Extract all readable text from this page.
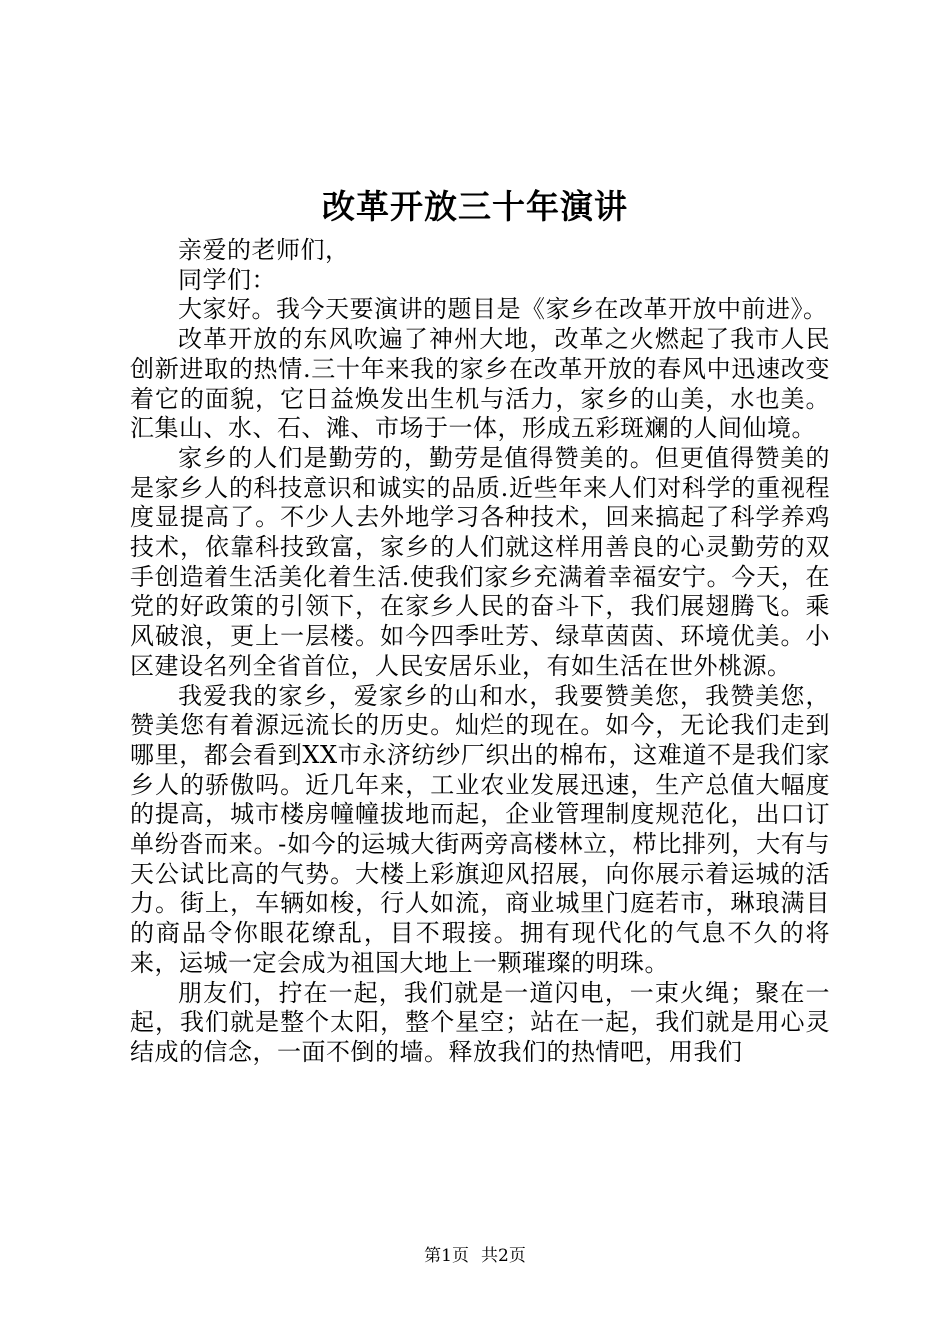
改革开放三十年演讲

亲爱的老师们，

同学们：

大家好。我今天要演讲的题目是《家乡在改革开放中前进》。

改革开放的东风吹遍了神州大地，改革之火燃起了我市人民创新进取的热情.三十年来我的家乡在改革开放的春风中迅速改变着它的面貌，它日益焕发出生机与活力，家乡的山美，水也美。汇集山、水、石、滩、市场于一体，形成五彩斑斓的人间仙境。

家乡的人们是勤劳的，勤劳是值得赞美的。但更值得赞美的是家乡人的科技意识和诚实的品质.近些年来人们对科学的重视程度显提高了。不少人去外地学习各种技术，回来搞起了科学养鸡技术，依靠科技致富，家乡的人们就这样用善良的心灵勤劳的双手创造着生活美化着生活.使我们家乡充满着幸福安宁。今天，在党的好政策的引领下，在家乡人民的奋斗下，我们展翅腾飞。乘风破浪，更上一层楼。如今四季吐芳、绿草茵茵、环境优美。小区建设名列全省首位，人民安居乐业，有如生活在世外桃源。

我爱我的家乡，爱家乡的山和水，我要赞美您，我赞美您，赞美您有着源远流长的历史。灿烂的现在。如今，无论我们走到哪里，都会看到XX市永济纺纱厂织出的棉布，这难道不是我们家乡人的骄傲吗。近几年来，工业农业发展迅速，生产总值大幅度的提高，城市楼房幢幢拔地而起，企业管理制度规范化，出口订单纷沓而来。-如今的运城大街两旁高楼林立，栉比排列，大有与天公试比高的气势。大楼上彩旗迎风招展，向你展示着运城的活力。街上，车辆如梭，行人如流，商业城里门庭若市，琳琅满目的商品令你眼花缭乱，目不瑕接。拥有现代化的气息不久的将来，运城一定会成为祖国大地上一颗璀璨的明珠。

朋友们，拧在一起，我们就是一道闪电，一束火绳；聚在一起，我们就是整个太阳，整个星空；站在一起，我们就是用心灵结成的信念，一面不倒的墙。释放我们的热情吧，用我们

第1页 共2页
